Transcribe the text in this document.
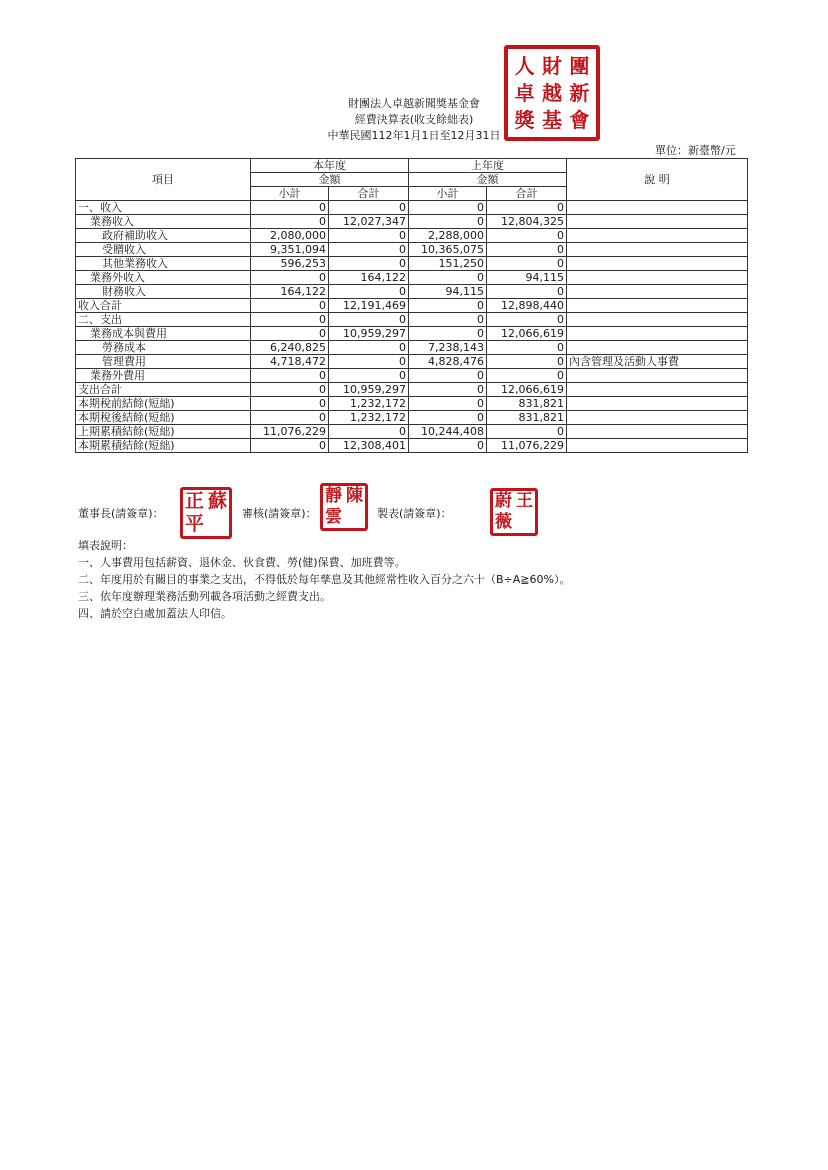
財團法人卓越新聞獎基金會
經費決算表(收支餘絀表)
中華民國112年1月1日至12月31日
單位：新臺幣/元
人 財 團
卓 越 新
獎 基 會
項目	本年度		上年度		說 明
	金額		金額		
	小計	合計	小計	合計	
一、收入	0	0	0	0	
業務收入	0	12,027,347	0	12,804,325	
政府補助收入	2,080,000	0	2,288,000	0	
受贈收入	9,351,094	0	10,365,075	0	
其他業務收入	596,253	0	151,250	0	
業務外收入	0	164,122	0	94,115	
財務收入	164,122	0	94,115	0	
收入合計	0	12,191,469	0	12,898,440	
二、支出	0	0	0	0	
業務成本與費用	0	10,959,297	0	12,066,619	
勞務成本	6,240,825	0	7,238,143	0	
管理費用	4,718,472	0	4,828,476	0	內含管理及活動人事費
業務外費用	0	0	0	0	
支出合計	0	10,959,297	0	12,066,619	
本期稅前結餘(短絀)	0	1,232,172	0	831,821	
本期稅後結餘(短絀)	0	1,232,172	0	831,821	
上期累積結餘(短絀)	11,076,229	0	10,244,408	0	
本期累積結餘(短絀)	0	12,308,401	0	11,076,229	
董事長(請簽章)：
正 蘇
平	審核(請簽章)：
靜 陳
雲	製表(請簽章)：
蔚 王
薇
填表說明：
一、人事費用包括薪資、退休金、伙食費、勞(健)保費、加班費等。
二、年度用於有關目的事業之支出，不得低於每年孳息及其他經常性收入百分之六十（B÷A≧60%）。
三、依年度辦理業務活動列載各項活動之經費支出。
四、請於空白處加蓋法人印信。
